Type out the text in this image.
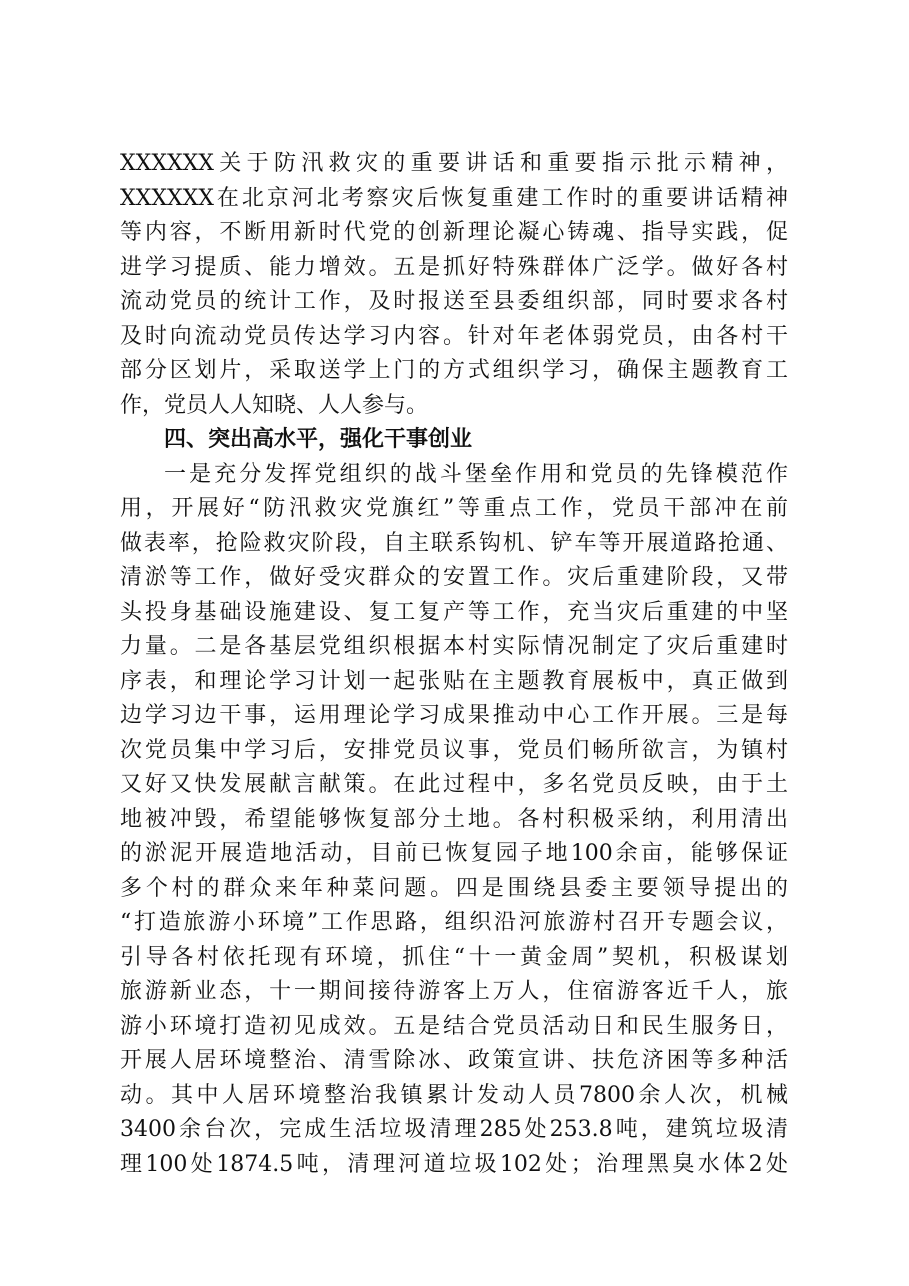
XXXXXX关于防汛救灾的重要讲话和重要指示批示精神，
XXXXXX在北京河北考察灾后恢复重建工作时的重要讲话精神
等内容，不断用新时代党的创新理论凝心铸魂、指导实践，促
进学习提质、能力增效。五是抓好特殊群体广泛学。做好各村
流动党员的统计工作，及时报送至县委组织部，同时要求各村
及时向流动党员传达学习内容。针对年老体弱党员，由各村干
部分区划片，采取送学上门的方式组织学习，确保主题教育工
作，党员人人知晓、人人参与。
四、突出高水平，强化干事创业
一是充分发挥党组织的战斗堡垒作用和党员的先锋模范作
用，开展好“防汛救灾党旗红”等重点工作，党员干部冲在前
做表率，抢险救灾阶段，自主联系钩机、铲车等开展道路抢通、
清淤等工作，做好受灾群众的安置工作。灾后重建阶段，又带
头投身基础设施建设、复工复产等工作，充当灾后重建的中坚
力量。二是各基层党组织根据本村实际情况制定了灾后重建时
序表，和理论学习计划一起张贴在主题教育展板中，真正做到
边学习边干事，运用理论学习成果推动中心工作开展。三是每
次党员集中学习后，安排党员议事，党员们畅所欲言，为镇村
又好又快发展献言献策。在此过程中，多名党员反映，由于土
地被冲毁，希望能够恢复部分土地。各村积极采纳，利用清出
的淤泥开展造地活动，目前已恢复园子地100余亩，能够保证
多个村的群众来年种菜问题。四是围绕县委主要领导提出的
“打造旅游小环境”工作思路，组织沿河旅游村召开专题会议，
引导各村依托现有环境，抓住“十一黄金周”契机，积极谋划
旅游新业态，十一期间接待游客上万人，住宿游客近千人，旅
游小环境打造初见成效。五是结合党员活动日和民生服务日，
开展人居环境整治、清雪除冰、政策宣讲、扶危济困等多种活
动。其中人居环境整治我镇累计发动人员7800余人次，机械
3400余台次，完成生活垃圾清理285处253.8吨，建筑垃圾清
理100处1874.5吨，清理河道垃圾102处；治理黑臭水体2处
